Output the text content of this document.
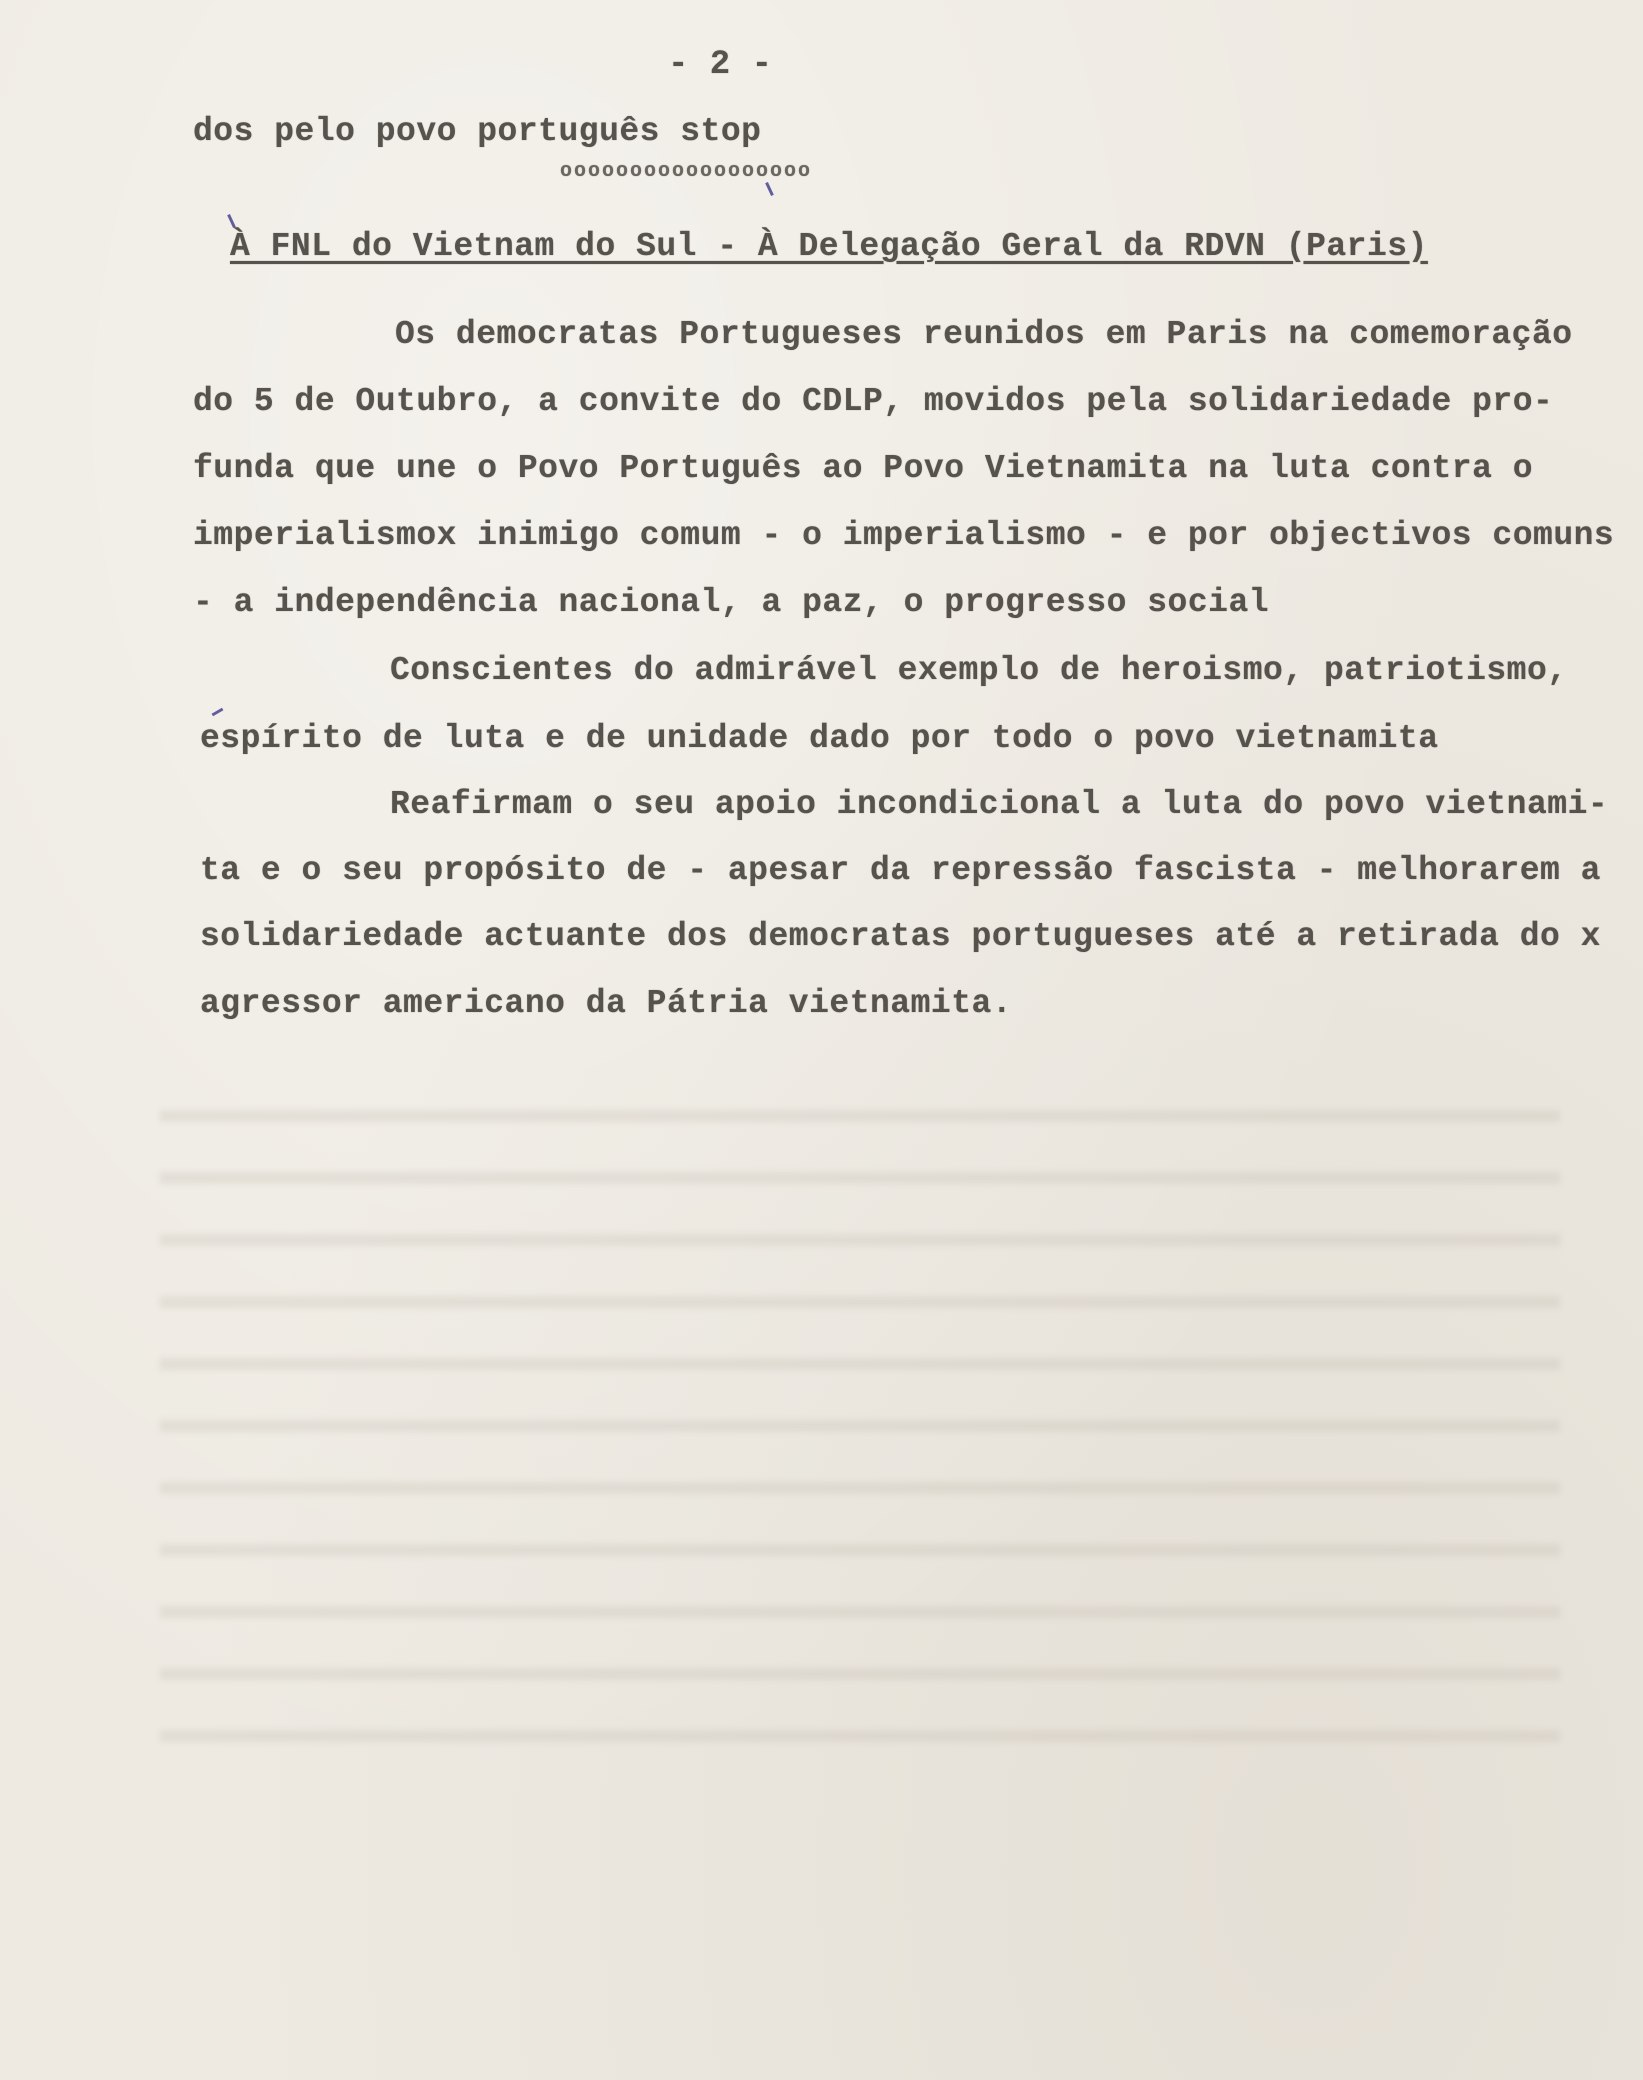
- 2 -
dos pelo povo português stop
oooooooooooooooooo
À FNL do Vietnam do Sul - À Delegação Geral da RDVN (Paris)
Os democratas Portugueses reunidos em Paris na comemoração
do 5 de Outubro, a convite do CDLP, movidos pela solidariedade pro-
funda que une o Povo Português ao Povo Vietnamita na luta contra o
imperialismox inimigo comum - o imperialismo - e por objectivos comuns
- a independência nacional, a paz, o progresso social
Conscientes do admirável exemplo de heroismo, patriotismo,
espírito de luta e de unidade dado por todo o povo vietnamita
Reafirmam o seu apoio incondicional a luta do povo vietnami-
ta e o seu propósito de - apesar da repressão fascista - melhorarem a
solidariedade actuante dos democratas portugueses até a retirada do x
agressor americano da Pátria vietnamita.
